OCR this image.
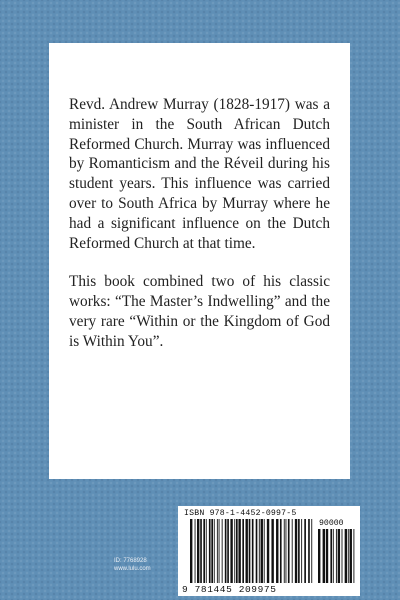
Revd. Andrew Murray (1828-1917) was a minister in the South African Dutch Reformed Church. Murray was influenced by Romanticism and the Réveil during his student years. This influence was carried over to South Africa by Murray where he had a significant influence on the Dutch Reformed Church at that time.

This book combined two of his classic works: “The Master’s Indwelling” and the very rare “Within or the Kingdom of God is Within You”.

ID: 7768928
www.lulu.com
ISBN 978-1-4452-0997-5
90000
9 781445 209975
